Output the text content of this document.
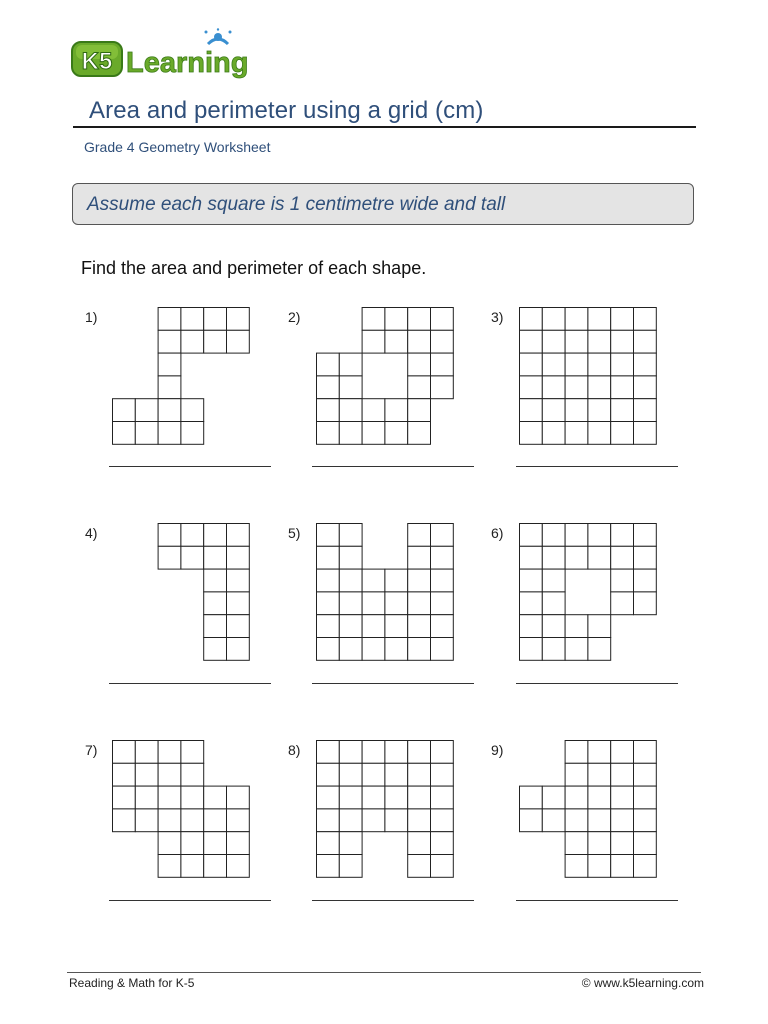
K5 Learning
Area and perimeter using a grid (cm)
Grade 4 Geometry Worksheet
Assume each square is 1 centimetre wide and tall
Find the area and perimeter of each shape.
1)	2)	3)
4)	5)	6)
7)	8)	9)
Reading & Math for K-5	© www.k5learning.com
